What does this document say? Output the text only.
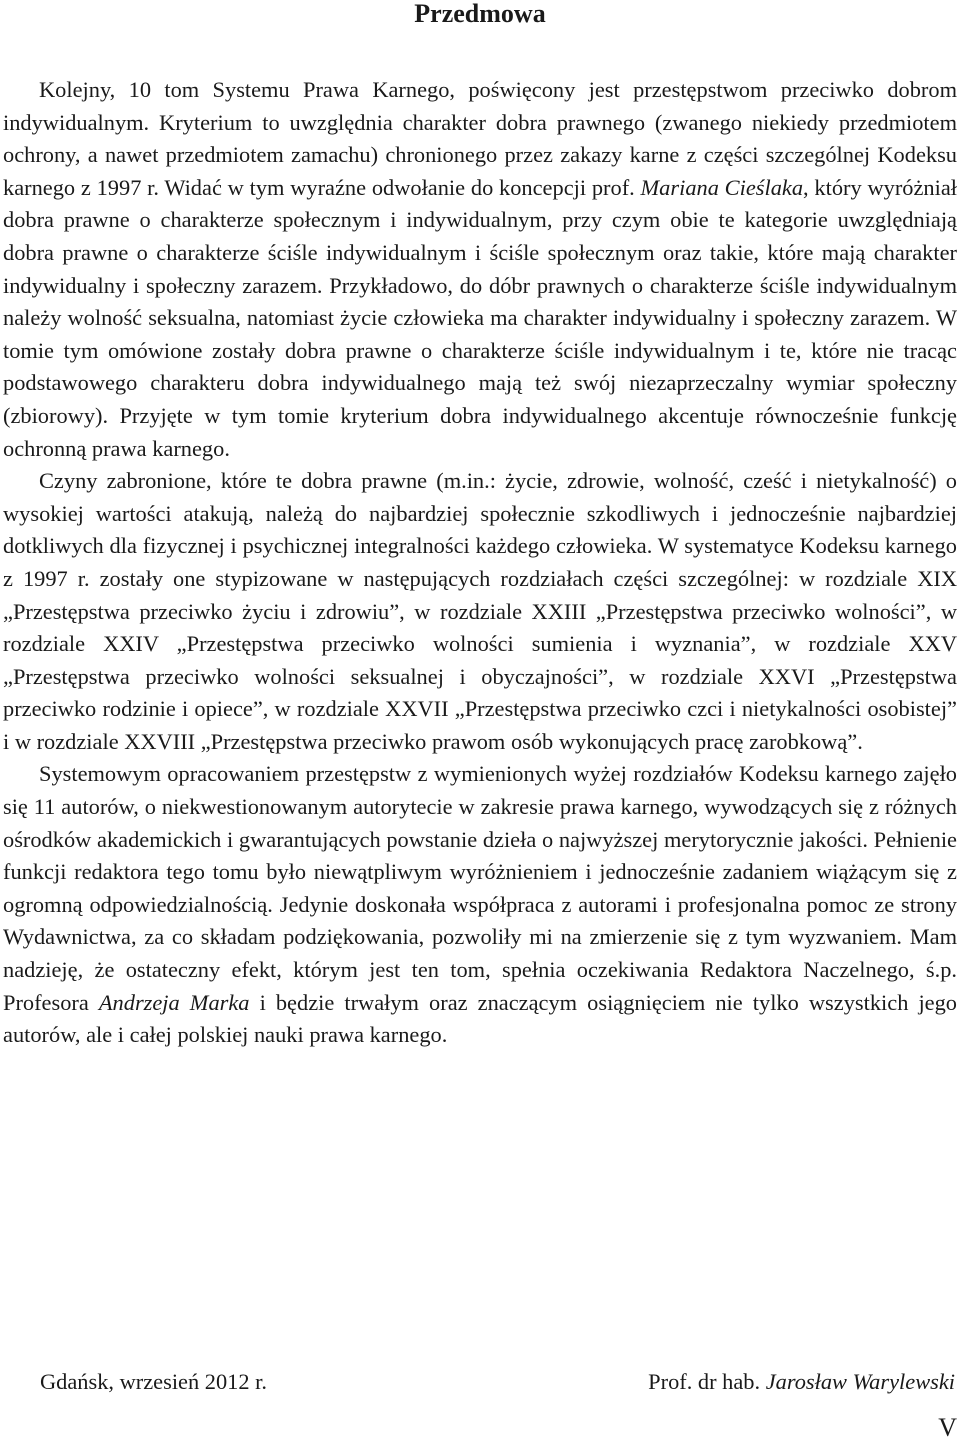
Przedmowa

Kolejny, 10 tom Systemu Prawa Karnego, poświęcony jest przestępstwom przeciwko dobrom indywidualnym. Kryterium to uwzględnia charakter dobra prawnego (zwanego niekiedy przedmiotem ochrony, a nawet przedmiotem zamachu) chronionego przez zakazy karne z części szczególnej Kodeksu karnego z 1997 r. Widać w tym wyraźne odwołanie do koncepcji prof. Mariana Cieślaka, który wyróżniał dobra prawne o charakterze społecznym i indywidualnym, przy czym obie te kategorie uwzględniają dobra prawne o charakterze ściśle indywidualnym i ściśle społecznym oraz takie, które mają charakter indywidualny i społeczny zarazem. Przykładowo, do dóbr prawnych o charakterze ściśle indywidualnym należy wolność seksualna, natomiast życie człowieka ma charakter indywidualny i społeczny zarazem. W tomie tym omówione zostały dobra prawne o charakterze ściśle indywidualnym i te, które nie tracąc podstawowego charakteru dobra indywidualnego mają też swój niezaprzeczalny wymiar społeczny (zbiorowy). Przyjęte w tym tomie kryterium dobra indywidualnego akcentuje równocześnie funkcję ochronną prawa karnego.

Czyny zabronione, które te dobra prawne (m.in.: życie, zdrowie, wolność, cześć i nietykalność) o wysokiej wartości atakują, należą do najbardziej społecznie szkodliwych i jednocześnie najbardziej dotkliwych dla fizycznej i psychicznej integralności każdego człowieka. W systematyce Kodeksu karnego z 1997 r. zostały one stypizowane w następujących rozdziałach części szczególnej: w rozdziale XIX „Przestępstwa przeciwko życiu i zdrowiu”, w rozdziale XXIII „Przestępstwa przeciwko wolności”, w rozdziale XXIV „Przestępstwa przeciwko wolności sumienia i wyznania”, w rozdziale XXV „Przestępstwa przeciwko wolności seksualnej i obyczajności”, w rozdziale XXVI „Przestępstwa przeciwko rodzinie i opiece”, w rozdziale XXVII „Przestępstwa przeciwko czci i nietykalności osobistej” i w rozdziale XXVIII „Przestępstwa przeciwko prawom osób wykonujących pracę zarobkową”.

Systemowym opracowaniem przestępstw z wymienionych wyżej rozdziałów Kodeksu karnego zajęło się 11 autorów, o niekwestionowanym autorytecie w zakresie prawa karnego, wywodzących się z różnych ośrodków akademickich i gwarantujących powstanie dzieła o najwyższej merytorycznie jakości. Pełnienie funkcji redaktora tego tomu było niewątpliwym wyróżnieniem i jednocześnie zadaniem wiążącym się z ogromną odpowiedzialnością. Jedynie doskonała współpraca z autorami i profesjonalna pomoc ze strony Wydawnictwa, za co składam podziękowania, pozwoliły mi na zmierzenie się z tym wyzwaniem. Mam nadzieję, że ostateczny efekt, którym jest ten tom, spełnia oczekiwania Redaktora Naczelnego, ś.p. Profesora Andrzeja Marka i będzie trwałym oraz znaczącym osiągnięciem nie tylko wszystkich jego autorów, ale i całej polskiej nauki prawa karnego.

Gdańsk, wrzesień 2012 r.	Prof. dr hab. Jarosław Warylewski
V
